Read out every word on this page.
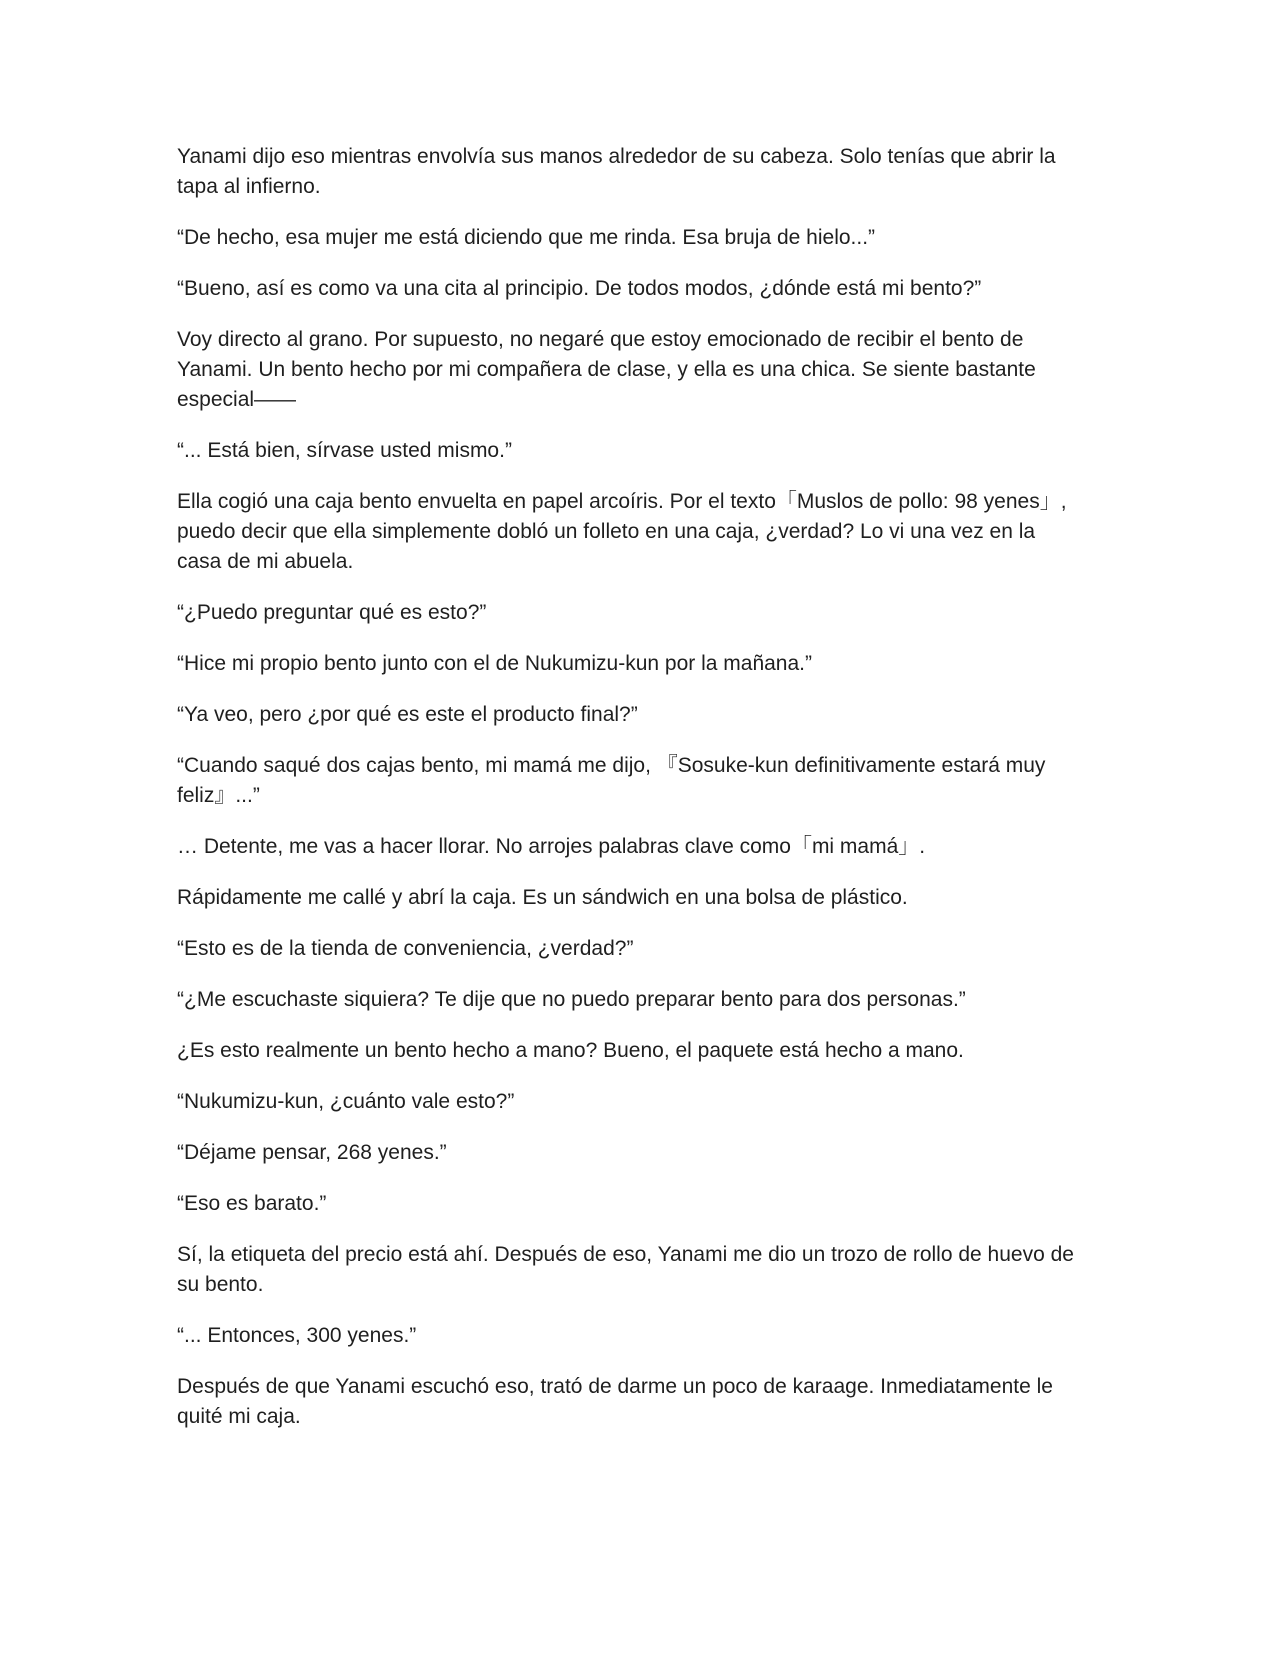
Yanami dijo eso mientras envolvía sus manos alrededor de su cabeza. Solo tenías que abrir la tapa al infierno.

“De hecho, esa mujer me está diciendo que me rinda. Esa bruja de hielo...”

“Bueno, así es como va una cita al principio. De todos modos, ¿dónde está mi bento?”

Voy directo al grano. Por supuesto, no negaré que estoy emocionado de recibir el bento de Yanami. Un bento hecho por mi compañera de clase, y ella es una chica. Se siente bastante especial——

“... Está bien, sírvase usted mismo.”

Ella cogió una caja bento envuelta en papel arcoíris. Por el texto「Muslos de pollo: 98 yenes」, puedo decir que ella simplemente dobló un folleto en una caja, ¿verdad? Lo vi una vez en la casa de mi abuela.

“¿Puedo preguntar qué es esto?”

“Hice mi propio bento junto con el de Nukumizu-kun por la mañana.”

“Ya veo, pero ¿por qué es este el producto final?”

“Cuando saqué dos cajas bento, mi mamá me dijo, 『Sosuke-kun definitivamente estará muy feliz』...”

… Detente, me vas a hacer llorar. No arrojes palabras clave como「mi mamá」.

Rápidamente me callé y abrí la caja. Es un sándwich en una bolsa de plástico.

“Esto es de la tienda de conveniencia, ¿verdad?”

“¿Me escuchaste siquiera? Te dije que no puedo preparar bento para dos personas.”

¿Es esto realmente un bento hecho a mano? Bueno, el paquete está hecho a mano.

“Nukumizu-kun, ¿cuánto vale esto?”

“Déjame pensar, 268 yenes.”

“Eso es barato.”

Sí, la etiqueta del precio está ahí. Después de eso, Yanami me dio un trozo de rollo de huevo de su bento.

“... Entonces, 300 yenes.”

Después de que Yanami escuchó eso, trató de darme un poco de karaage. Inmediatamente le quité mi caja.
